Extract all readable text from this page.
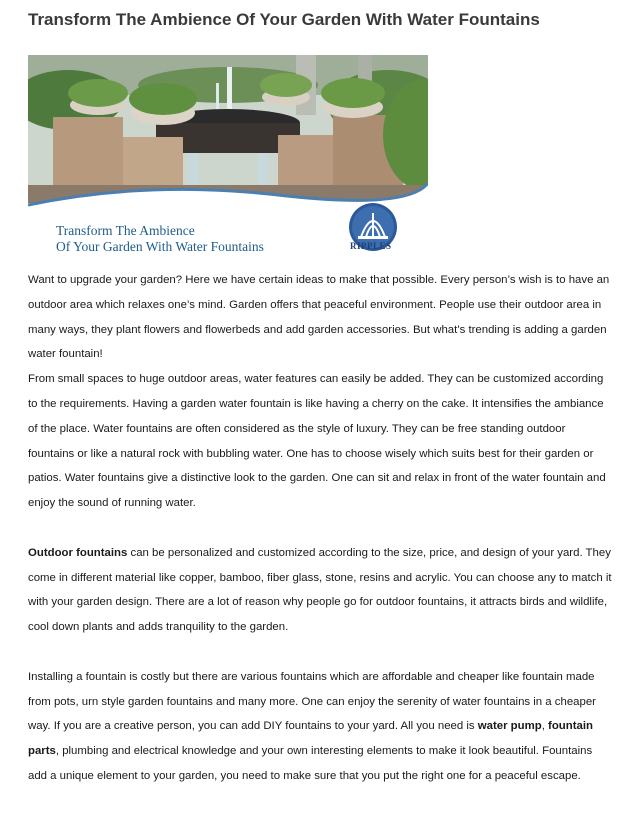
Transform The Ambience Of Your Garden With Water Fountains
Transform The Ambience
Of Your Garden With Water Fountains	RIPPLES

Want to upgrade your garden? Here we have certain ideas to make that possible. Every person’s wish is to have an outdoor area which relaxes one’s mind. Garden offers that peaceful environment. People use their outdoor area in many ways, they plant flowers and flowerbeds and add garden accessories. But what’s trending is adding a garden water fountain!

From small spaces to huge outdoor areas, water features can easily be added. They can be customized according to the requirements. Having a garden water fountain is like having a cherry on the cake. It intensifies the ambiance of the place. Water fountains are often considered as the style of luxury. They can be free standing outdoor fountains or like a natural rock with bubbling water. One has to choose wisely which suits best for their garden or patios. Water fountains give a distinctive look to the garden. One can sit and relax in front of the water fountain and enjoy the sound of running water.

Outdoor fountains can be personalized and customized according to the size, price, and design of your yard. They come in different material like copper, bamboo, fiber glass, stone, resins and acrylic. You can choose any to match it with your garden design. There are a lot of reason why people go for outdoor fountains, it attracts birds and wildlife, cool down plants and adds tranquility to the garden.

Installing a fountain is costly but there are various fountains which are affordable and cheaper like fountain made from pots, urn style garden fountains and many more. One can enjoy the serenity of water fountains in a cheaper way. If you are a creative person, you can add DIY fountains to your yard. All you need is water pump, fountain parts, plumbing and electrical knowledge and your own interesting elements to make it look beautiful. Fountains add a unique element to your garden, you need to make sure that you put the right one for a peaceful escape.
